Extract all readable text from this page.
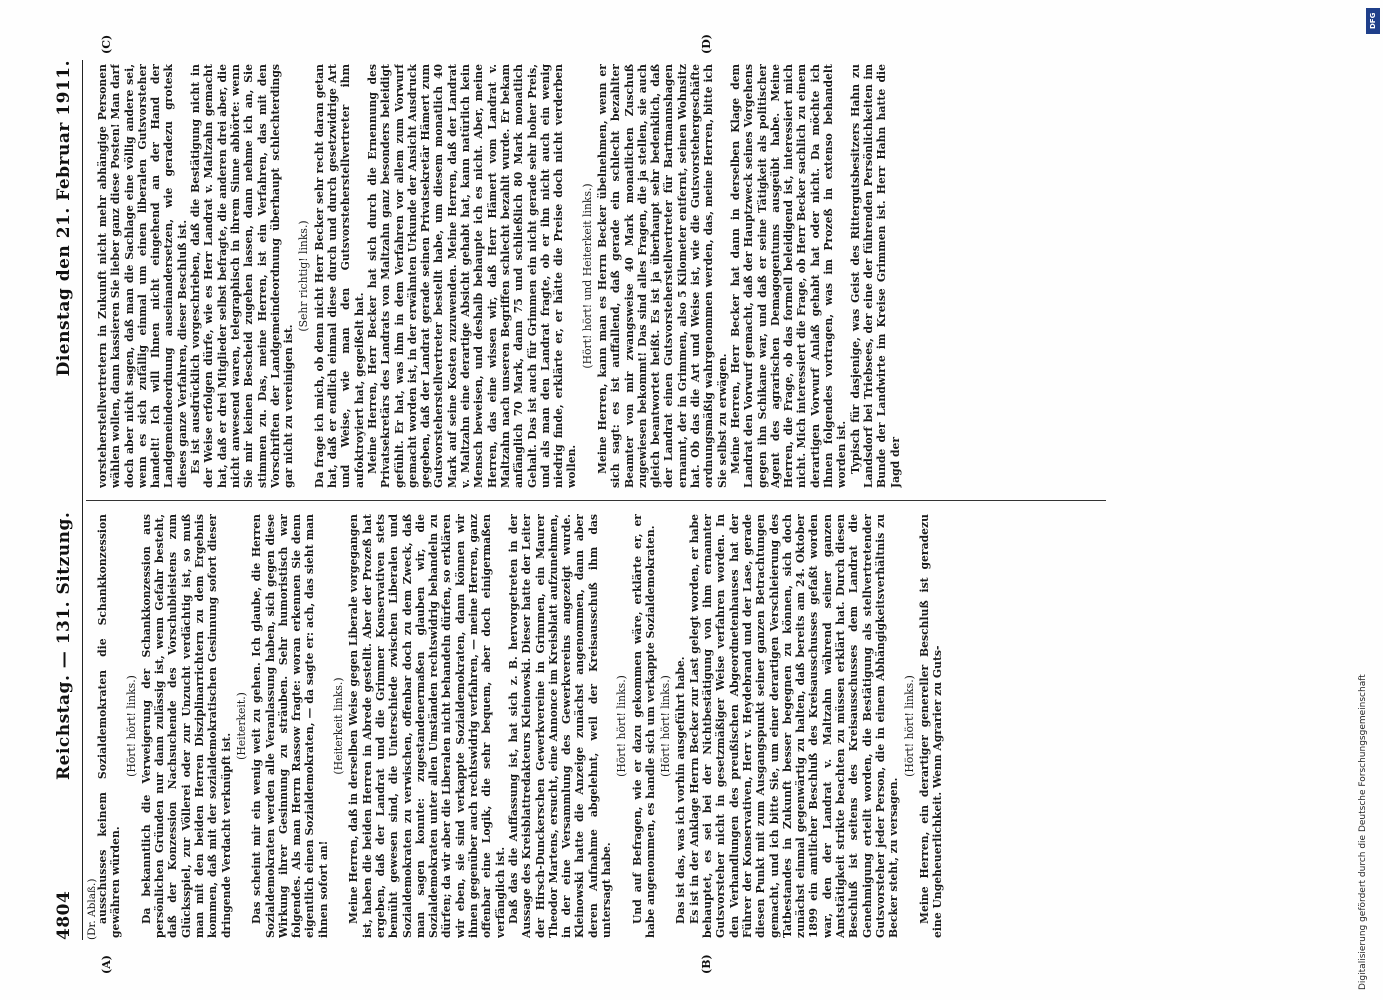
4804
Reichstag. — 131. Sitzung.
Dienstag den 21. Februar 1911.
(Dr. Ablaß.)
(A)	(B)
(C)	(D)

ausschusses keinem Sozialdemokraten die Schankkonzession gewähren würden.

(Hört! hört! links.) Da bekanntlich die Verweigerung der Schankkonzession aus persönlichen Gründen nur dann zulässig ist, wenn Gefahr besteht, daß der Konzession Nachsuchende des Vorschubleistens zum Glücksspiel, zur Völlerei oder zur Unzucht verdächtig ist, so muß man mit den beiden Herren Disziplinarrichtern zu dem Ergebnis kommen, daß mit der sozialdemokratischen Gesinnung sofort dieser dringende Verdacht verknüpft ist.

(Heiterkeit.) Das scheint mir ein wenig weit zu gehen. Ich glaube, die Herren Sozialdemokraten werden alle Veranlassung haben, sich gegen diese Wirkung ihrer Gesinnung zu sträuben. Sehr humoristisch war folgendes. Als man Herrn Rassow fragte: woran erkennen Sie denn eigentlich einen Sozialdemokraten, — da sagte er: ach, das sieht man ihnen sofort an!

(Heiterkeit links.) Meine Herren, daß in derselben Weise gegen Liberale vorgegangen ist, haben die beiden Herren in Abrede gestellt. Aber der Prozeß hat ergeben, daß der Landrat und die Grimmer Konservativen stets bemüht gewesen sind, die Unterschiede zwischen Liberalen und Sozialdemokraten zu verwischen, offenbar doch zu dem Zweck, daß man sagen konnte: zugestandenermaßen glauben wir, die Sozialdemokraten unter allen Umständen rechtswidrig behandeln zu dürfen; da wir aber die Liberalen nicht behandeln dürfen, so erklären wir eben, sie sind verkappte Sozialdemokraten, dann können wir ihnen gegenüber auch rechtswidrig verfahren, — meine Herren, ganz offenbar eine Logik, die sehr bequem, aber doch einigermaßen verfänglich ist. Daß das die Auffassung ist, hat sich z. B. hervorgetreten in der Aussage des Kreisblattredakteurs Kleinowski. Dieser hatte der Leiter der Hirsch-Dunckerschen Gewerkvereine in Grimmen, ein Maurer Theodor Martens, ersucht, eine Annonce im Kreisblatt aufzunehmen, in der eine Versammlung des Gewerkvereins angezeigt wurde. Kleinowski hatte die Anzeige zunächst angenommen, dann aber deren Aufnahme abgelehnt, weil der Kreisausschuß ihm das untersagt habe.

(Hört! hört! links.) Und auf Befragen, wie er dazu gekommen wäre, erklärte er, er habe angenommen, es handle sich um verkappte Sozialdemokraten. (Hört! hört! links.) Das ist das, was ich vorhin ausgeführt habe. Es ist in der Anklage Herrn Becker zur Last gelegt worden, er habe behauptet, es sei bei der Nichtbestätigung von ihm ernannter Gutsvorsteher nicht in gesetzmäßiger Weise verfahren worden. In den Verhandlungen des preußischen Abgeordnetenhauses hat der Führer der Konservativen, Herr v. Heydebrand und der Lase, gerade diesen Punkt mit zum Ausgangspunkt seiner ganzen Betrachtungen gemacht, und ich bitte Sie, um einer derartigen Verschleierung des Tatbestandes in Zukunft besser begegnen zu können, sich doch zunächst einmal gegenwärtig zu halten, daß bereits am 24. Oktober 1899 ein amtlicher Beschluß des Kreisausschusses gefaßt worden war, den der Landrat v. Maltzahn während seiner ganzen Amtstätigkeit strikte beachten zu müssen erklärt hat. Durch diesen Beschluß ist seitens des Kreisausschusses dem Landrat die Genehmigung erteilt worden, die Bestätigung als stellvertretender Gutsvorsteher jeder Person, die in einem Abhängigkeitsverhältnis zu Becker steht, zu versagen.

(Hört! hört! links.) Meine Herren, ein derartiger genereller Beschluß ist geradezu eine Ungeheuerlichkeit. Wenn Agrarier zu Guts-

vorsteherstellvertretern in Zukunft nicht mehr abhängige Personen wählen wollen, dann kassieren Sie lieber ganz diese Posten! Man darf doch aber nicht sagen, daß man die Sachlage eine völlig andere sei, wenn es sich zufällig einmal um einen liberalen Gutsvorsteher handelt! Ich will Ihnen nicht eingehend an der Hand der Landgemeindeordnung auseinandersetzen, wie geradezu grotesk dieses ganze Verfahren, dieser Beschluß ist. Es ist ausdrücklich vorgeschrieben, daß die Bestätigung nicht in der Weise erfolgen dürfe, wie es Herr Landrat v. Maltzahn gemacht hat, daß er drei Mitglieder selbst befragte, die anderen drei aber, die nicht anwesend waren, telegraphisch in ihrem Sinne abhörte: wenn Sie mir keinen Bescheid zugehen lassen, dann nehme ich an, Sie stimmen zu. Das, meine Herren, ist ein Verfahren, das mit den Vorschriften der Landgemeindeordnung überhaupt schlechterdings gar nicht zu vereinigen ist.

(Sehr richtig! links.) Da frage ich mich, ob denn nicht Herr Becker sehr recht daran getan hat, daß er endlich einmal diese durch und durch gesetzwidrige Art und Weise, wie man den Gutsvorsteherstellvertreter ihm aufoktroyiert hat, gegeißelt hat. Meine Herren, Herr Becker hat sich durch die Ernennung des Privatsekretärs des Landrats von Maltzahn ganz besonders beleidigt gefühlt. Er hat, was ihm in dem Verfahren vor allem zum Vorwurf gemacht worden ist, in der erwähnten Urkunde der Ansicht Ausdruck gegeben, daß der Landrat gerade seinen Privatsekretär Hämert zum Gutsvorsteherstellvertreter bestellt habe, um diesem monatlich 40 Mark auf seine Kosten zuzuwenden. Meine Herren, daß der Landrat v. Maltzahn eine derartige Absicht gehabt hat, kann natürlich kein Mensch beweisen, und deshalb behaupte ich es nicht. Aber, meine Herren, das eine wissen wir, daß Herr Hämert vom Landrat v. Maltzahn nach unseren Begriffen schlecht bezahlt wurde. Er bekam anfänglich 70 Mark, dann 75 und schließlich 80 Mark monatlich Gehalt. Das ist auch für Grimmen ein nicht gerade sehr hoher Preis, und als man den Landrat fragte, ob er ihn nicht auch ein wenig niedrig finde, erklärte er, er hätte die Preise doch nicht verderben wollen.

(Hört! hört! und Heiterkeit links.) Meine Herren, kann man es Herrn Becker übelnehmen, wenn er sich sagt: es ist auffallend, daß gerade ein schlecht bezahlter Beamter von mir zwangsweise 40 Mark monatlichen Zuschuß zugewiesen bekommt! Das sind alles Fragen, die ja stellen, sie auch gleich beantwortet heißt. Es ist ja überhaupt sehr bedenklich, daß der Landrat einen Gutsvorsteherstellvertreter für Bartmannshagen ernannt, der in Grimmen, also 5 Kilometer entfernt, seinen Wohnsitz hat. Ob das die Art und Weise ist, wie die Gutsvorstehergeschäfte ordnungsmäßig wahrgenommen werden, das, meine Herren, bitte ich Sie selbst zu erwägen. Meine Herren, Herr Becker hat dann in derselben Klage dem Landrat den Vorwurf gemacht, daß der Hauptzweck seines Vorgehens gegen ihn Schikane war, und daß er seine Tätigkeit als politischer Agent des agrarischen Demagogentums ausgeübt habe. Meine Herren, die Frage, ob das formell beleidigend ist, interessiert mich nicht. Mich interessiert die Frage, ob Herr Becker sachlich zu einem derartigen Vorwurf Anlaß gehabt hat oder nicht. Da möchte ich Ihnen folgendes vortragen, was im Prozeß in extenso behandelt worden ist. Typisch für dasjenige, was Geist des Rittergutsbesitzers Hahn zu Landsdorf bei Triebsees, der eine der führenden Persönlichkeiten im Bunde der Landwirte im Kreise Grimmen ist. Herr Hahn hatte die Jagd der

Digitalisierung gefördert durch die Deutsche Forschungsgemeinschaft
DFG
